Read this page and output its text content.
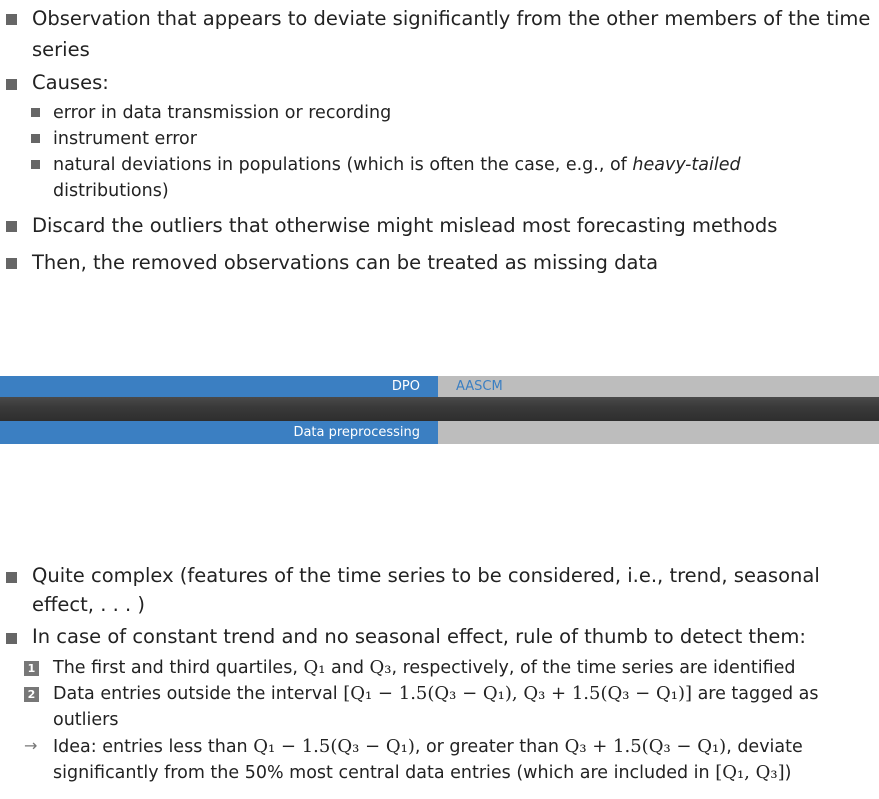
Observation that appears to deviate significantly from the other members of the time
series
Causes:
error in data transmission or recording
instrument error
natural deviations in populations (which is often the case, e.g., of heavy-tailed
distributions)
Discard the outliers that otherwise might mislead most forecasting methods
Then, the removed observations can be treated as missing data
DPO	AASCM
Data preprocessing
Quite complex (features of the time series to be considered, i.e., trend, seasonal
effect, . . . )
In case of constant trend and no seasonal effect, rule of thumb to detect them:
1 The first and third quartiles, Q₁ and Q₃, respectively, of the time series are identified
2 Data entries outside the interval [Q₁ − 1.5(Q₃ − Q₁), Q₃ + 1.5(Q₃ − Q₁)] are tagged as
outliers
→ Idea: entries less than Q₁ − 1.5(Q₃ − Q₁), or greater than Q₃ + 1.5(Q₃ − Q₁), deviate
significantly from the 50% most central data entries (which are included in [Q₁, Q₃])
